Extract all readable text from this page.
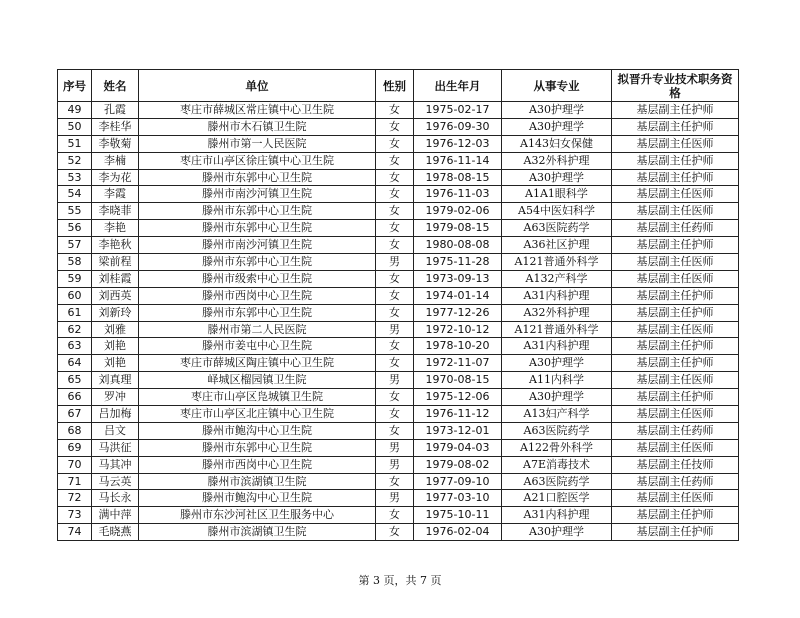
序号	姓名	单位	性别	出生年月	从事专业	拟晋升专业技术职务资格
49	孔霞	枣庄市薛城区常庄镇中心卫生院	女	1975-02-17	A30护理学	基层副主任护师
50	李桂华	滕州市木石镇卫生院	女	1976-09-30	A30护理学	基层副主任护师
51	李敬菊	滕州市第一人民医院	女	1976-12-03	A143妇女保健	基层副主任医师
52	李楠	枣庄市山亭区徐庄镇中心卫生院	女	1976-11-14	A32外科护理	基层副主任护师
53	李为花	滕州市东郭中心卫生院	女	1978-08-15	A30护理学	基层副主任护师
54	李霞	滕州市南沙河镇卫生院	女	1976-11-03	A1A1眼科学	基层副主任医师
55	李晓菲	滕州市东郭中心卫生院	女	1979-02-06	A54中医妇科学	基层副主任医师
56	李艳	滕州市东郭中心卫生院	女	1979-08-15	A63医院药学	基层副主任药师
57	李艳秋	滕州市南沙河镇卫生院	女	1980-08-08	A36社区护理	基层副主任护师
58	梁前程	滕州市东郭中心卫生院	男	1975-11-28	A121普通外科学	基层副主任医师
59	刘桂霞	滕州市级索中心卫生院	女	1973-09-13	A132产科学	基层副主任医师
60	刘西英	滕州市西岗中心卫生院	女	1974-01-14	A31内科护理	基层副主任护师
61	刘新玲	滕州市东郭中心卫生院	女	1977-12-26	A32外科护理	基层副主任护师
62	刘雅	滕州市第二人民医院	男	1972-10-12	A121普通外科学	基层副主任医师
63	刘艳	滕州市姜屯中心卫生院	女	1978-10-20	A31内科护理	基层副主任护师
64	刘艳	枣庄市薛城区陶庄镇中心卫生院	女	1972-11-07	A30护理学	基层副主任护师
65	刘真理	峄城区榴园镇卫生院	男	1970-08-15	A11内科学	基层副主任医师
66	罗冲	枣庄市山亭区凫城镇卫生院	女	1975-12-06	A30护理学	基层副主任护师
67	吕加梅	枣庄市山亭区北庄镇中心卫生院	女	1976-11-12	A13妇产科学	基层副主任医师
68	吕文	滕州市鲍沟中心卫生院	女	1973-12-01	A63医院药学	基层副主任药师
69	马洪征	滕州市东郭中心卫生院	男	1979-04-03	A122骨外科学	基层副主任医师
70	马其冲	滕州市西岗中心卫生院	男	1979-08-02	A7E消毒技术	基层副主任技师
71	马云英	滕州市滨湖镇卫生院	女	1977-09-10	A63医院药学	基层副主任药师
72	马长永	滕州市鲍沟中心卫生院	男	1977-03-10	A21口腔医学	基层副主任医师
73	满中萍	滕州市东沙河社区卫生服务中心	女	1975-10-11	A31内科护理	基层副主任护师
74	毛晓燕	滕州市滨湖镇卫生院	女	1976-02-04	A30护理学	基层副主任护师
第 3 页，共 7 页
